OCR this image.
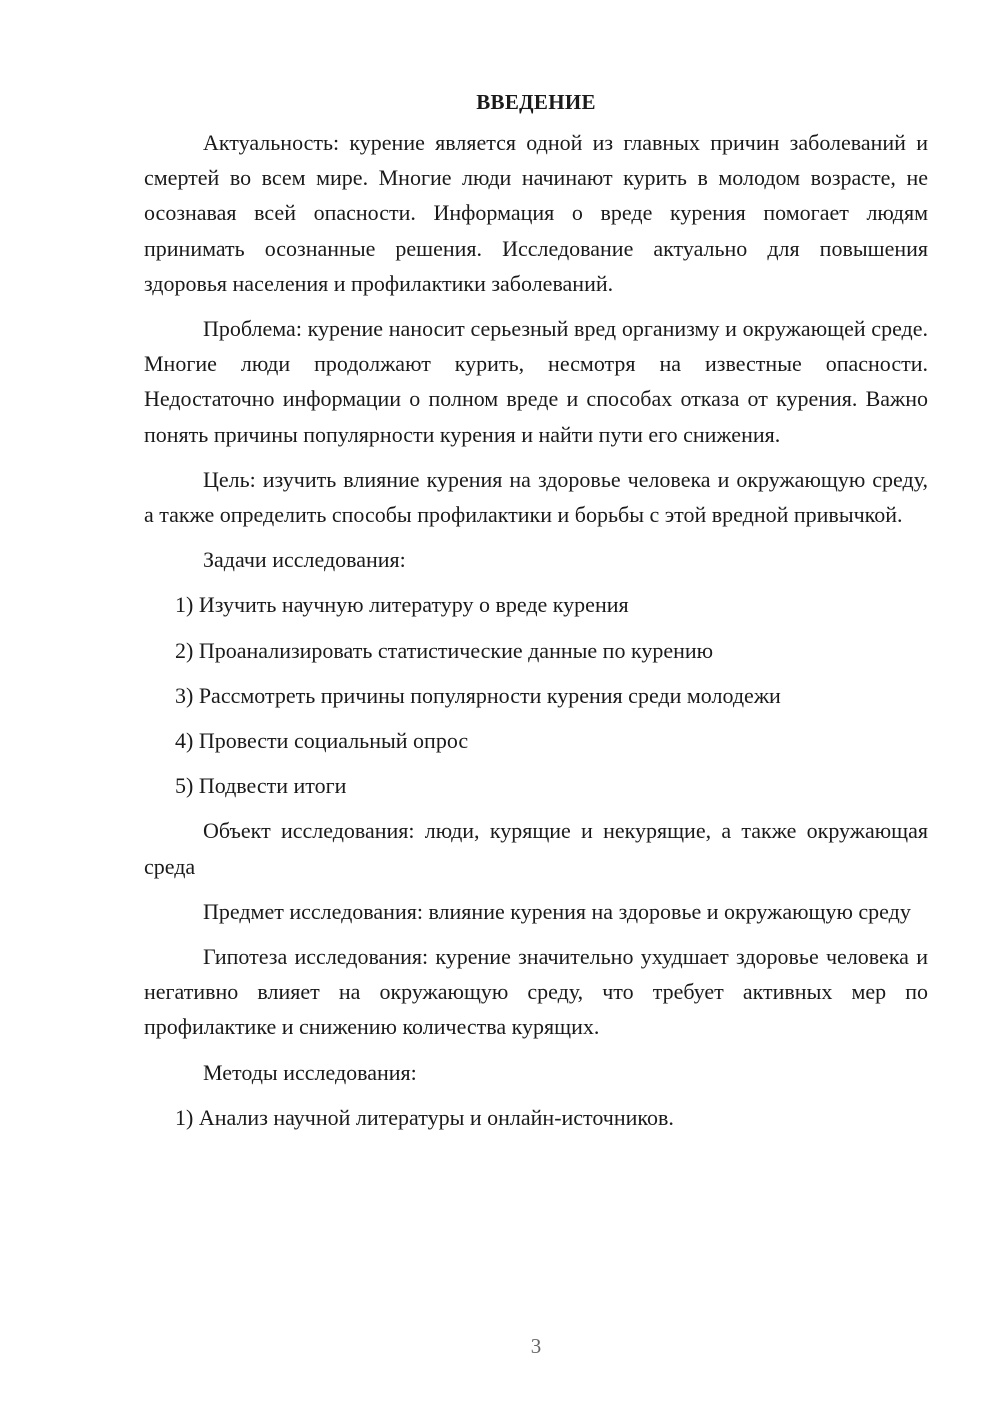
ВВЕДЕНИЕ

Актуальность: курение является одной из главных причин заболеваний и смертей во всем мире. Многие люди начинают курить в молодом возрасте, не осознавая всей опасности. Информация о вреде курения помогает людям принимать осознанные решения. Исследование актуально для повышения здоровья населения и профилактики заболеваний.

Проблема: курение наносит серьезный вред организму и окружающей среде. Многие люди продолжают курить, несмотря на известные опасности. Недостаточно информации о полном вреде и способах отказа от курения. Важно понять причины популярности курения и найти пути его снижения.

Цель: изучить влияние курения на здоровье человека и окружающую среду, а также определить способы профилактики и борьбы с этой вредной привычкой.

Задачи исследования:
1) Изучить научную литературу о вреде курения
2) Проанализировать статистические данные по курению
3) Рассмотреть причины популярности курения среди молодежи
4) Провести социальный опрос
5) Подвести итоги

Объект исследования: люди, курящие и некурящие, а также окружающая среда

Предмет исследования: влияние курения на здоровье и окружающую среду

Гипотеза исследования: курение значительно ухудшает здоровье человека и негативно влияет на окружающую среду, что требует активных мер по профилактике и снижению количества курящих.

Методы исследования:
1) Анализ научной литературы и онлайн-источников.
3
